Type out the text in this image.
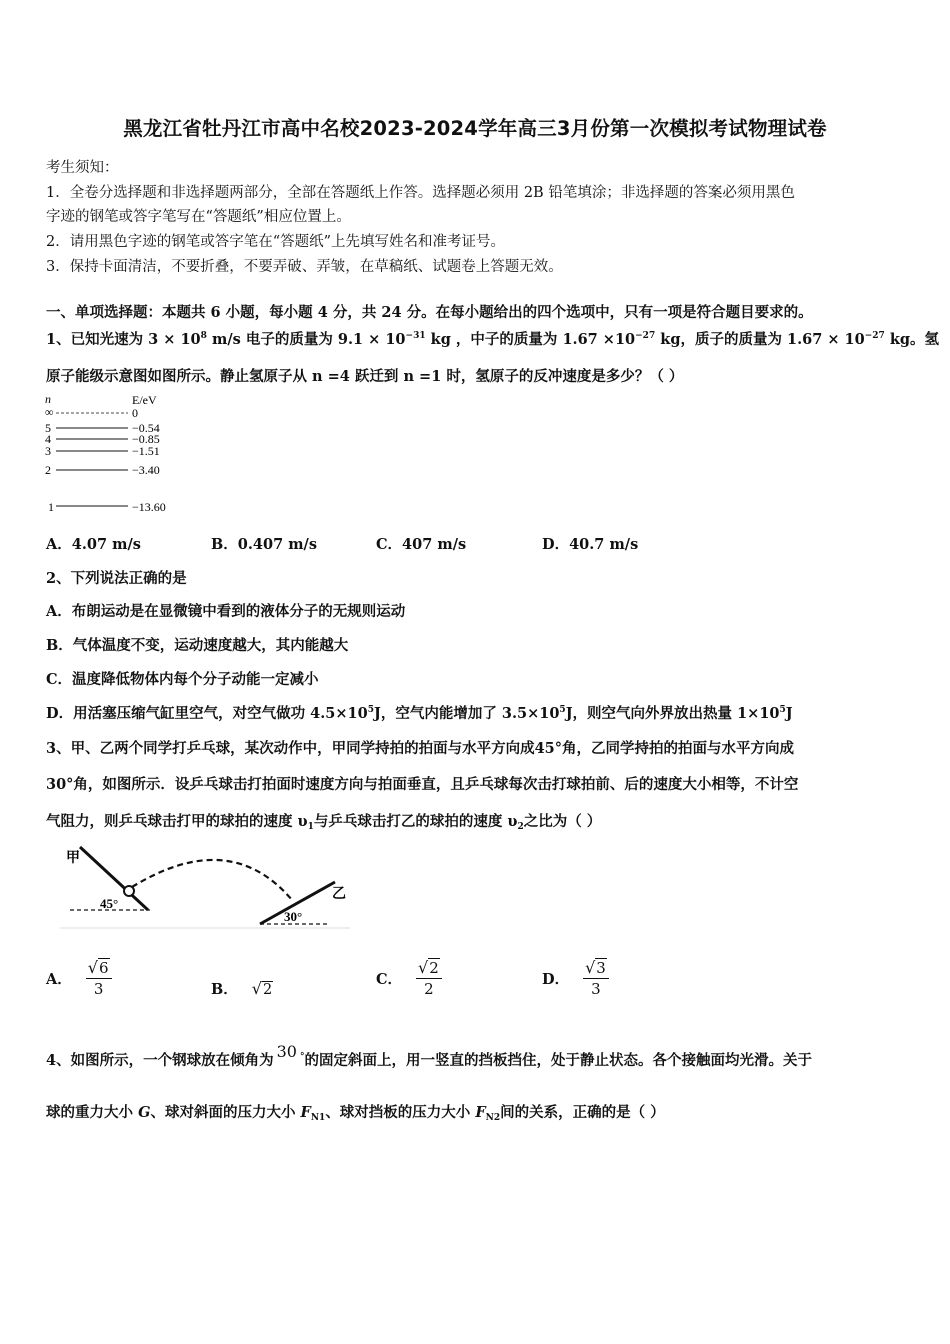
黑龙江省牡丹江市高中名校2023-2024学年高三3月份第一次模拟考试物理试卷
考生须知：
1．全卷分选择题和非选择题两部分，全部在答题纸上作答。选择题必须用 2B 铅笔填涂；非选择题的答案必须用黑色
字迹的钢笔或答字笔写在“答题纸”相应位置上。
2．请用黑色字迹的钢笔或答字笔在“答题纸”上先填写姓名和准考证号。
3．保持卡面清洁，不要折叠，不要弄破、弄皱，在草稿纸、试题卷上答题无效。
一、单项选择题：本题共 6 小题，每小题 4 分，共 24 分。在每小题给出的四个选项中，只有一项是符合题目要求的。
1、已知光速为 $3 \times 10^8$ m/s 电子的质量为 $9.1 \times 10^{-31}$ kg ，中子的质量为 $1.67 \times 10^{-27}$ kg，质子的质量为 $1.67 \times 10^{-27}$ kg。氢
原子能级示意图如图所示。静止氢原子从 n =4 跃迁到 n =1 时，氢原子的反冲速度是多少？（ ）
n	E/eV
∞	0
5	−0.54
4	−0.85
3	−1.51
2	−3.40
1	−13.60
A．4.07 m/s	B．0.407 m/s	C．407 m/s	D．40.7 m/s
2、下列说法正确的是
A．布朗运动是在显微镜中看到的液体分子的无规则运动
B．气体温度不变，运动速度越大，其内能越大
C．温度降低物体内每个分子动能一定减小
D．用活塞压缩气缸里空气，对空气做功 $4.5\times 10^5J$，空气内能增加了 $3.5\times 10^5J$，则空气向外界放出热量 $1\times 10^5J$
3、甲、乙两个同学打乒乓球，某次动作中，甲同学持拍的拍面与水平方向成45°角，乙同学持拍的拍面与水平方向成
30°角，如图所示．设乒乓球击打拍面时速度方向与拍面垂直，且乒乓球每次击打球拍前、后的速度大小相等，不计空
气阻力，则乒乓球击打甲的球拍的速度 $\upsilon_1$与乒乓球击打乙的球拍的速度 $\upsilon_2$之比为（ ）
甲
45°
乙
30°
A． $\frac{√6}{3}$	B． √2
C． $\frac{√2}{2}$	D． $\frac{√3}{3}$
4、如图所示，一个钢球放在倾角为 30 °的固定斜面上，用一竖直的挡板挡住，处于静止状态。各个接触面均光滑。关于
球的重力大小 G、球对斜面的压力大小 $F_{N1}$、球对挡板的压力大小 $F_{N2}$间的关系，正确的是（ ）
